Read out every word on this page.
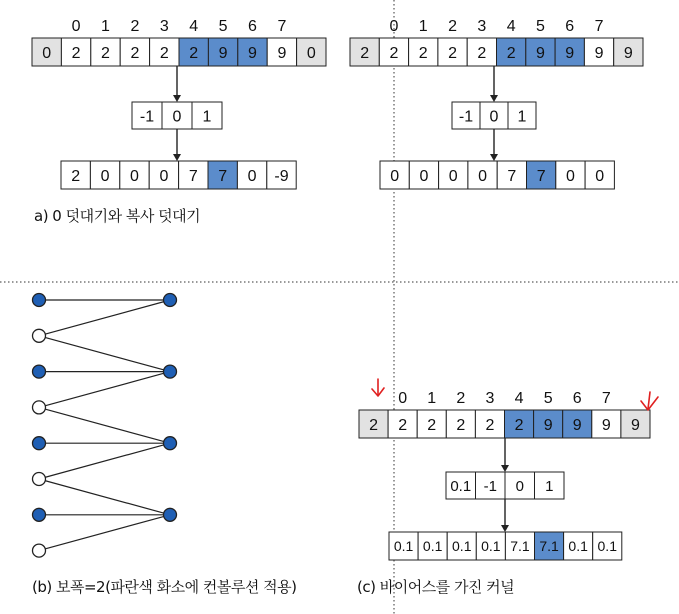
0 1 2 3 4 5 6 7
0 2 2 2 2 2 9 9 9 0
-1 0 1
2 0 0 0 7 7 0 -9
0 1 2 3 4 5 6 7
2 2 2 2 2 2 9 9 9 9
-1 0 1
0 0 0 0 7 7 0 0
0 1 2 3 4 5 6 7
2 2 2 2 2 2 9 9 9 9
0.1 -1 0 1
0.1 0.1 0.1 0.1 7.1 7.1 0.1 0.1
a) 0 덧대기와 복사 덧대기
(b) 보폭=2(파란색 화소에 컨볼루션 적용)	(c) 바이어스를 가진 커널
